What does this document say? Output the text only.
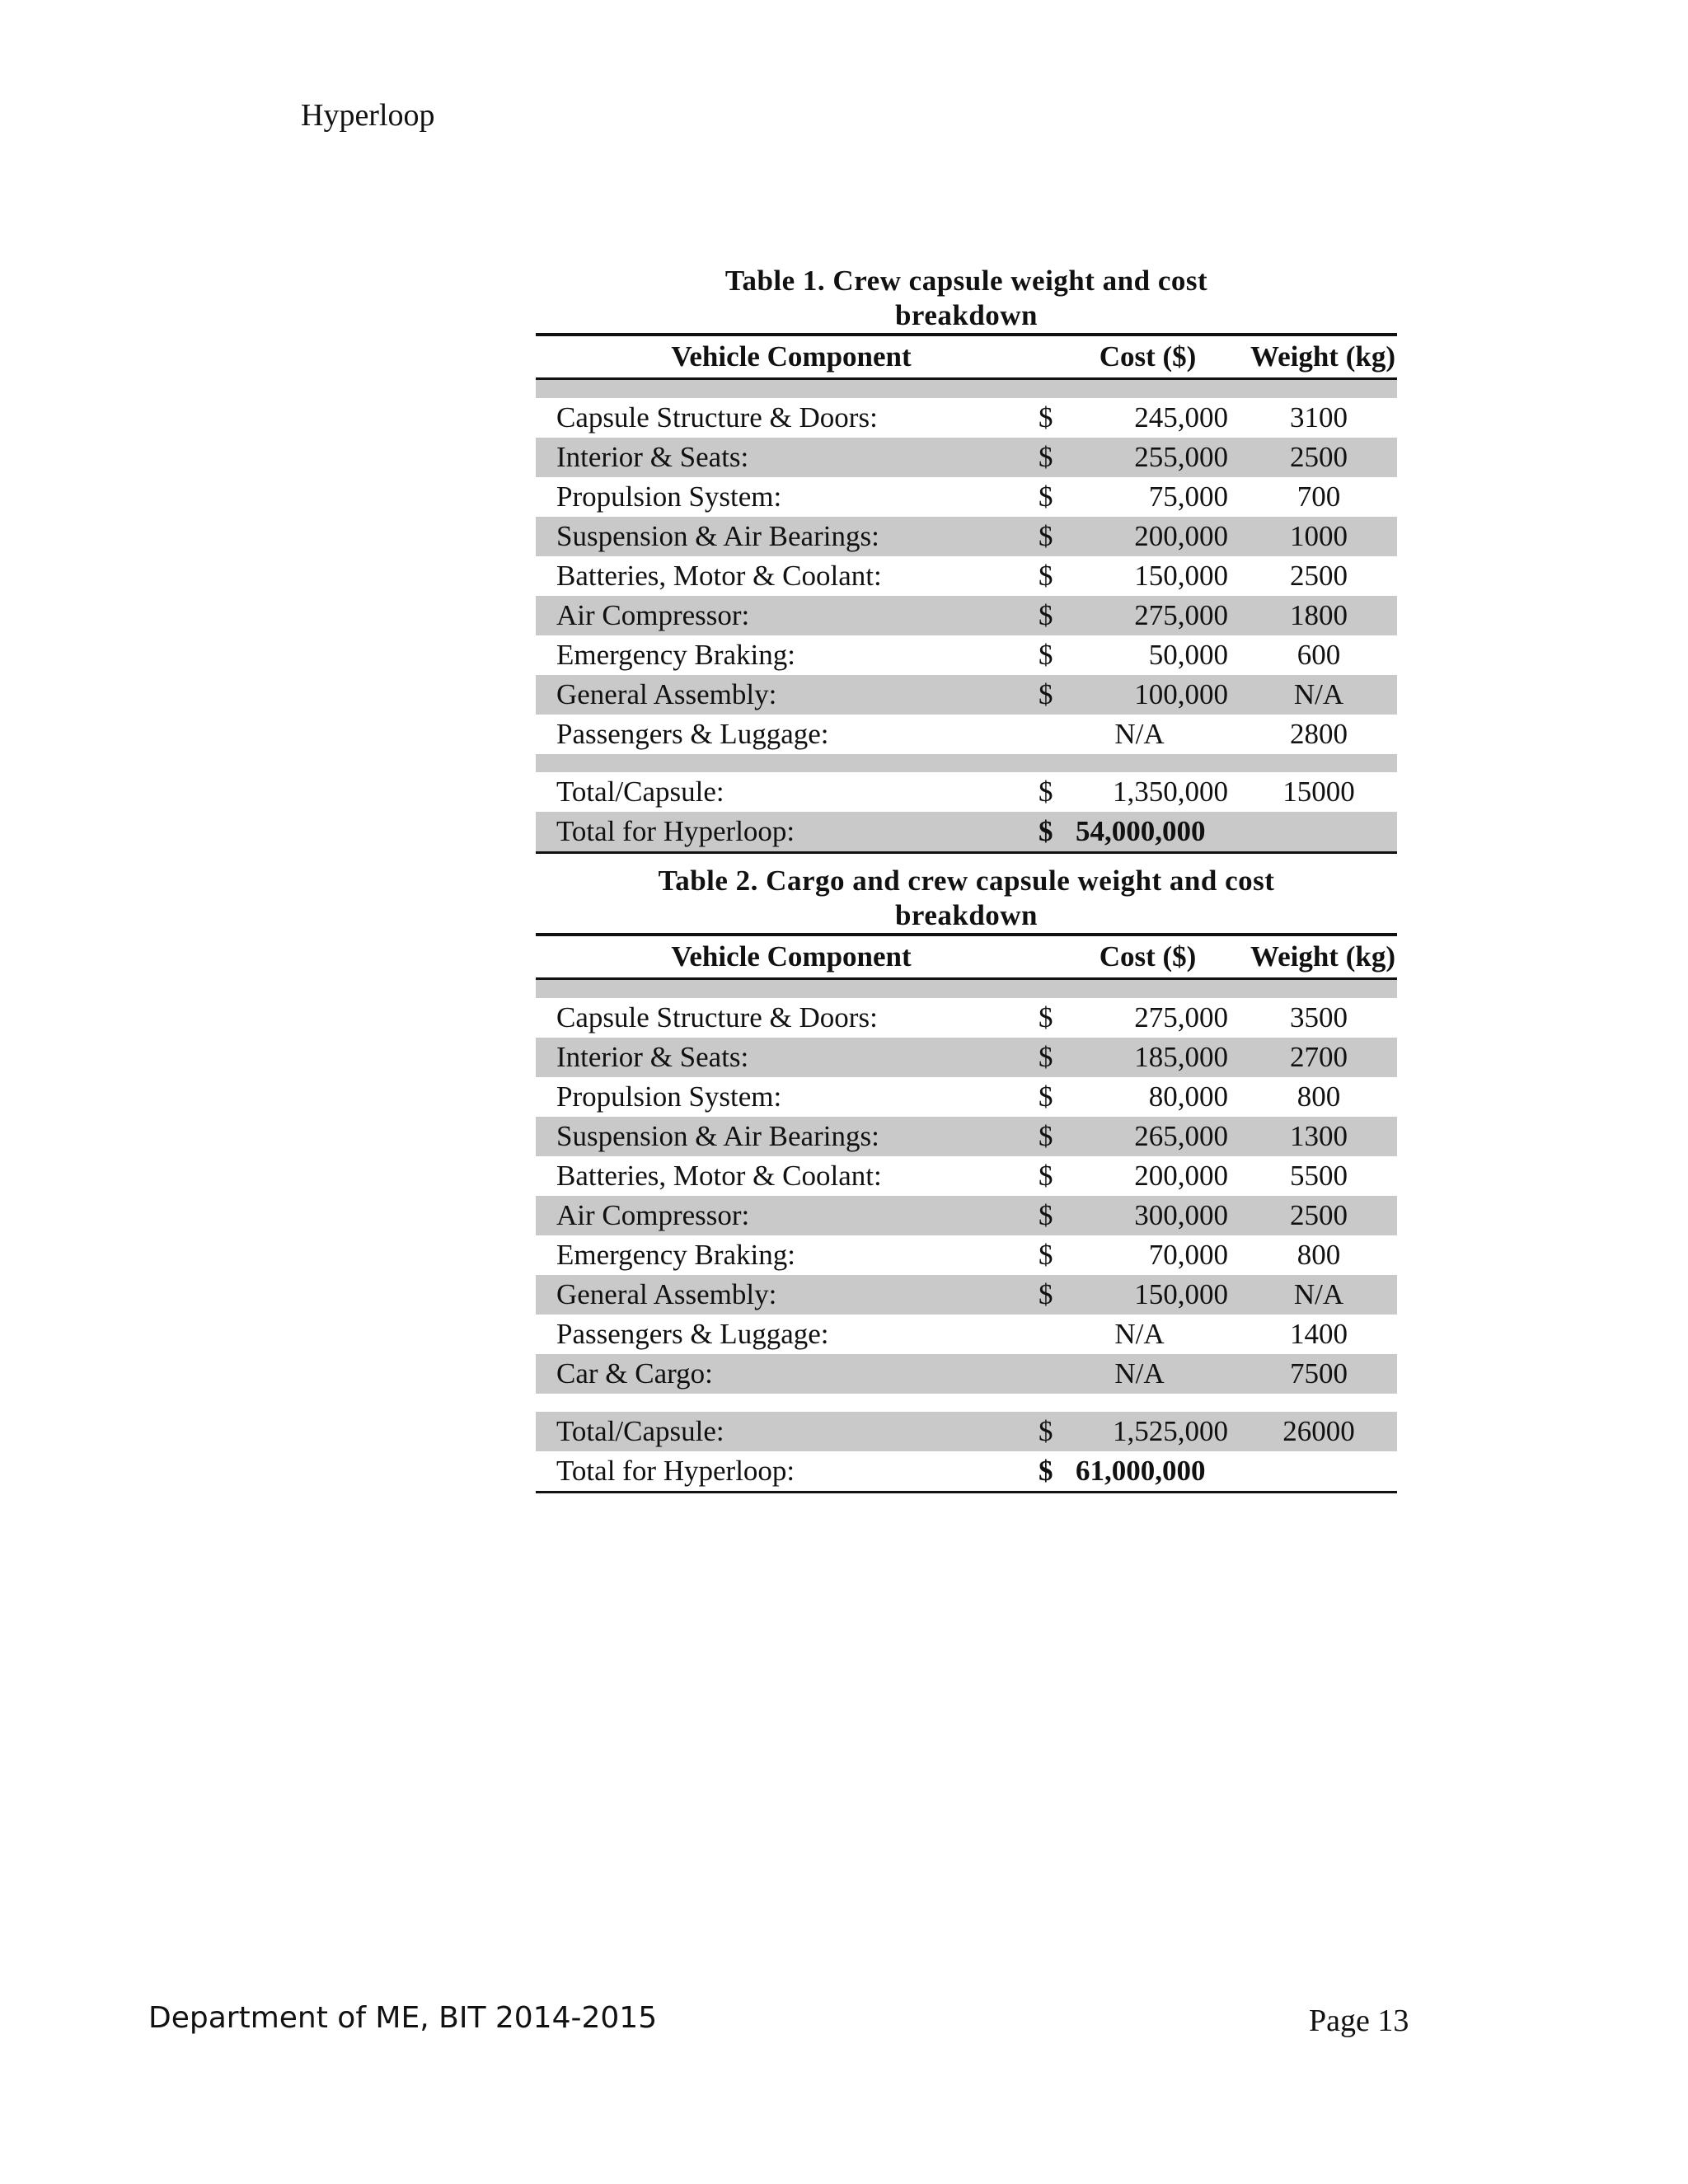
Hyperloop
Table 1. Crew capsule weight and cost
breakdown
Vehicle Component	Cost ($)	Weight (kg)
Capsule Structure & Doors:	$	245,000	3100
Interior & Seats:	$	255,000	2500
Propulsion System:	$	75,000	700
Suspension & Air Bearings:	$	200,000	1000
Batteries, Motor & Coolant:	$	150,000	2500
Air Compressor:	$	275,000	1800
Emergency Braking:	$	50,000	600
General Assembly:	$	100,000	N/A
Passengers & Luggage:	N/A	2800
Total/Capsule:	$	1,350,000	15000
Total for Hyperloop:	$ 54,000,000
Table 2. Cargo and crew capsule weight and cost
breakdown
Vehicle Component	Cost ($)	Weight (kg)
Capsule Structure & Doors:	$	275,000	3500
Interior & Seats:	$	185,000	2700
Propulsion System:	$	80,000	800
Suspension & Air Bearings:	$	265,000	1300
Batteries, Motor & Coolant:	$	200,000	5500
Air Compressor:	$	300,000	2500
Emergency Braking:	$	70,000	800
General Assembly:	$	150,000	N/A
Passengers & Luggage:	N/A	1400
Car & Cargo:	N/A	7500
Total/Capsule:	$	1,525,000	26000
Total for Hyperloop:	$ 61,000,000
Department of ME, BIT 2014-2015	Page 13
